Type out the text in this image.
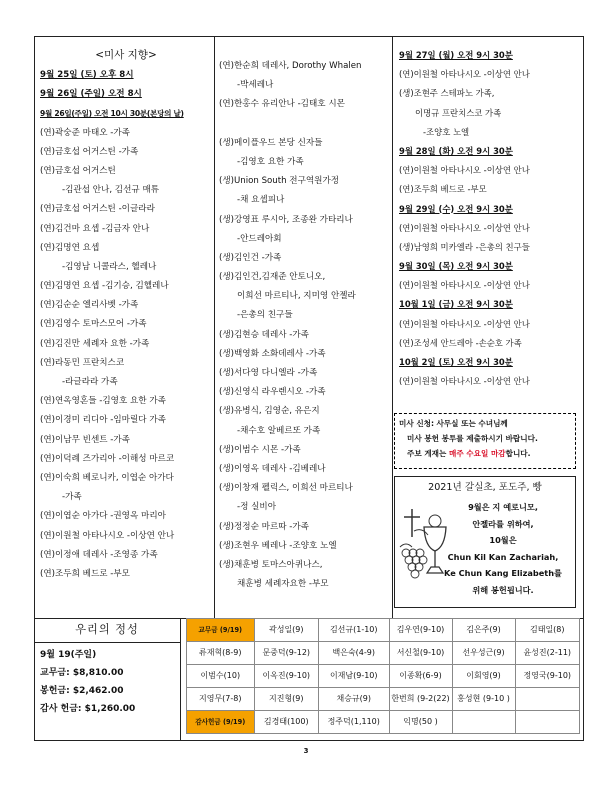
<미사 지향>
9월 25일 (토) 오후 8시
9월 26일 (주일) 오전 8시
9월 26일(주일) 오전 10시 30분(본당의 날)
(연)곽숭준 마태오 -가족
(연)금호섭 어거스틴 -가족
(연)금호섭 어거스틴
-김관섭 안나, 김선규 매튜
(연)금호섭 어거스틴 -이글라라
(연)김건마 요셉 -김금자 안나
(연)김명연 요셉
-김영남 니콜라스, 헬레나
(연)김명연 요셉 -김기승, 김헬레나
(연)김순순 엘리사벳 -가족
(연)김영수 토마스모어 -가족
(연)김진만 세례자 요한 -가족
(연)라동민 프란치스코
-라글라라 가족
(연)연옥영혼들 -김영호 요한 가족
(연)이경미 리디아 -임마릴다 가족
(연)이남무 빈센트 -가족
(연)이덕례 즈가리아 -이해성 마르코
(연)이숙희 베로니카, 이엽순 아가다
-가족
(연)이엽순 아가다 -권영옥 마리아
(연)이원철 아타나시오 -이상연 안나
(연)이정애 데레사 -조영종 가족
(연)조두희 베드로 -부모
(연)한순희 데레사, Dorothy Whalen
-박세레나
(연)한홍수 유리안나 -김태호 시몬
(생)메이플우드 본당 신자들
-김영호 요한 가족
(생)Union South 전구역원가정
-채 요셉피나
(생)강영표 루시아, 조종완 가타리나
-안드레아회
(생)김인건 -가족
(생)김인건,김재준 안토니오,
이희선 마르티나, 지미영 안젤라
-은총의 친구들
(생)김현승 데레사 -가족
(생)백영화 소화데레사 -가족
(생)서다영 다니엘라 -가족
(생)신영식 라우렌시오 -가족
(생)유병식, 김영순, 유은지
-채수호 알베르또 가족
(생)이범수 시몬 -가족
(생)이영옥 데레사 -김베레나
(생)이창재 펠릭스, 이희선 마르티나
-정 실비아
(생)정정순 마르따 -가족
(생)조현우 베레나 -조양호 노엘
(생)채훈병 토마스아퀴나스,
채훈병 세례자요한 -부모
9월 27일 (월) 오전 9시 30분
(연)이원철 아타나시오 -이상연 안나
(생)조현주 스테파노 가족,
이명규 프란치스코 가족
-조양호 노엘
9월 28일 (화) 오전 9시 30분
(연)이원철 아타나시오 -이상연 안나
(연)조두희 베드로 -부모
9월 29일 (수) 오전 9시 30분
(연)이원철 아타나시오 -이상연 안나
(생)남영희 미카엘라 -은총의 친구들
9월 30일 (목) 오전 9시 30분
(연)이원철 아타나시오 -이상연 안나
10월 1일 (금) 오전 9시 30분
(연)이원철 아타나시오 -이상연 안나
(연)조성세 안드레아 -손순호 가족
10월 2일 (토) 오전 9시 30분
(연)이원철 아타나시오 -이상연 안나
미사 신청: 사무실 또는 수녀님께
미사 봉헌 봉투를 제출하시기 바랍니다.
주보 게재는 매주 수요일 마감합니다.
2021년 갈실초, 포도주, 빵
9월은 지 예로니모,
안젤라를 위하여,
10월은
Chun Kil Kan Zachariah,
Ke Chun Kang Elizabeth를
위해 봉헌됩니다.
우리의 정성
9월 19(주일)
교무금: $8,810.00
봉헌금: $2,462.00
감사 헌금: $1,260.00
교무금 (9/19)	곽성일(9)	김선규(1-10)	김우연(9-10)	김은주(9)	김태일(8)
류재혁(8-9)	문중덕(9-12)	백은숙(4-9)	서신철(9-10)	선우성근(9)	윤성진(2-11)
이범수(10)	이옥진(9-10)	이재남(9-10)	이종확(6-9)	이회영(9)	정영국(9-10)
지영무(7-8)	지진형(9)	채승규(9)	한번희 (9-2(22)	홍성현 (9-10 )	
감사헌금 (9/19)	김경태(100)	정주덕(1,110)	익명(50 )		
3
